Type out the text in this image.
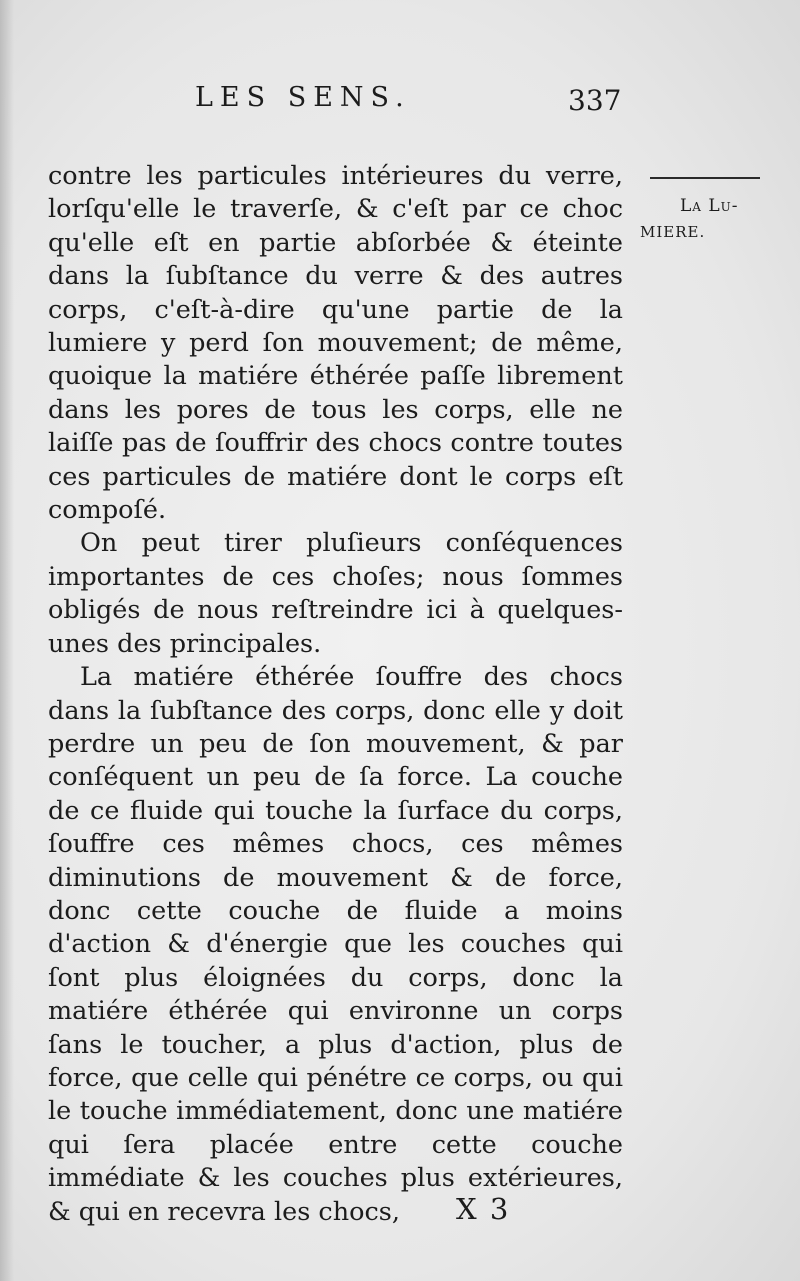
LES SENS.	337
La Lu-
MIERE.

contre les particules intérieures du verre, lorſqu'elle le traverſe, & c'eſt par ce choc qu'elle eſt en partie abſorbée & éteinte dans la ſubſtance du verre & des autres corps, c'eſt-à-dire qu'une partie de la lumiere y perd ſon mouvement; de même, quoique la matiére éthérée paſſe librement dans les pores de tous les corps, elle ne laiſſe pas de ſouffrir des chocs contre toutes ces particules de matiére dont le corps eſt compoſé.

On peut tirer pluſieurs conſéquences importantes de ces choſes; nous ſommes obligés de nous reſtreindre ici à quelques-unes des principales.

La matiére éthérée ſouffre des chocs dans la ſubſtance des corps, donc elle y doit perdre un peu de ſon mouvement, & par conſéquent un peu de ſa force. La couche de ce fluide qui touche la ſurface du corps, ſouffre ces mêmes chocs, ces mêmes diminutions de mouvement & de force, donc cette couche de fluide a moins d'action & d'énergie que les couches qui ſont plus éloignées du corps, donc la matiére éthérée qui environne un corps ſans le toucher, a plus d'action, plus de force, que celle qui pénétre ce corps, ou qui le touche immédiatement, donc une matiére qui ſera placée entre cette couche immédiate & les couches plus extérieures, & qui en recevra les chocs,	X 3
